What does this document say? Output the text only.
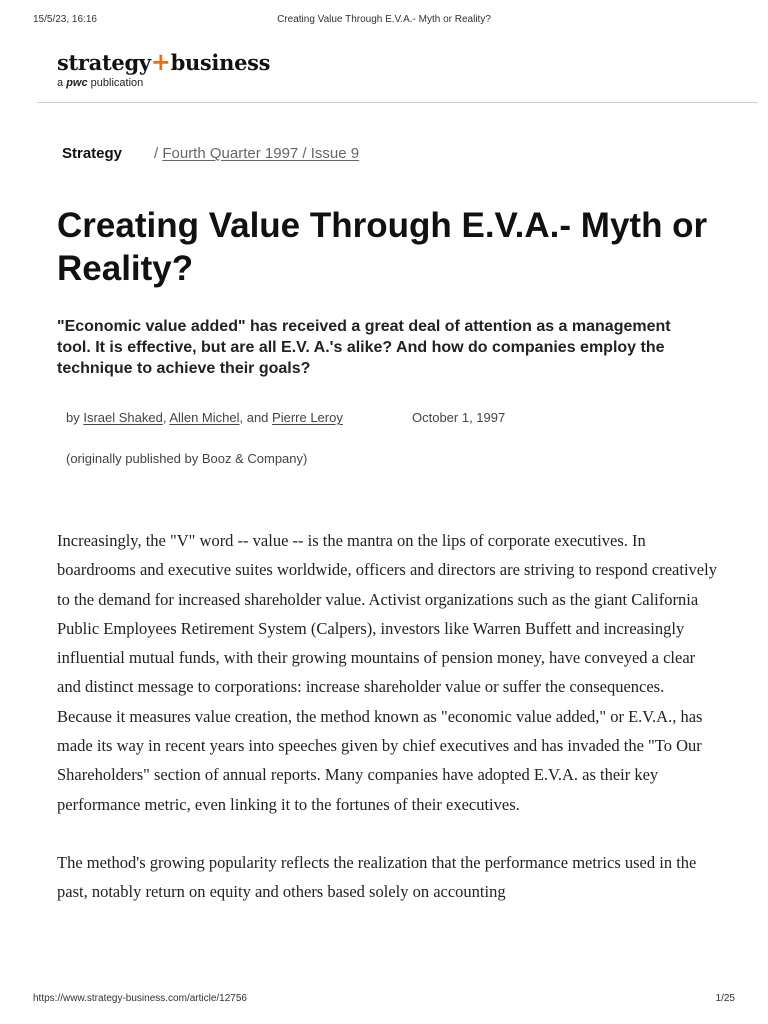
15/5/23, 16:16	Creating Value Through E.V.A.- Myth or Reality?
strategy+business
a pwc publication
Strategy / Fourth Quarter 1997 / Issue 9
Creating Value Through E.V.A.- Myth or Reality?

"Economic value added" has received a great deal of attention as a management tool. It is effective, but are all E.V. A.'s alike? And how do companies employ the technique to achieve their goals?

by Israel Shaked, Allen Michel, and Pierre Leroy	October 1, 1997
(originally published by Booz & Company)

Increasingly, the "V" word -- value -- is the mantra on the lips of corporate executives. In boardrooms and executive suites worldwide, officers and directors are striving to respond creatively to the demand for increased shareholder value. Activist organizations such as the giant California Public Employees Retirement System (Calpers), investors like Warren Buffett and increasingly influential mutual funds, with their growing mountains of pension money, have conveyed a clear and distinct message to corporations: increase shareholder value or suffer the consequences.

Because it measures value creation, the method known as "economic value added," or E.V.A., has made its way in recent years into speeches given by chief executives and has invaded the "To Our Shareholders" section of annual reports. Many companies have adopted E.V.A. as their key performance metric, even linking it to the fortunes of their executives.

The method's growing popularity reflects the realization that the performance metrics used in the past, notably return on equity and others based solely on accounting

https://www.strategy-business.com/article/12756	1/25
